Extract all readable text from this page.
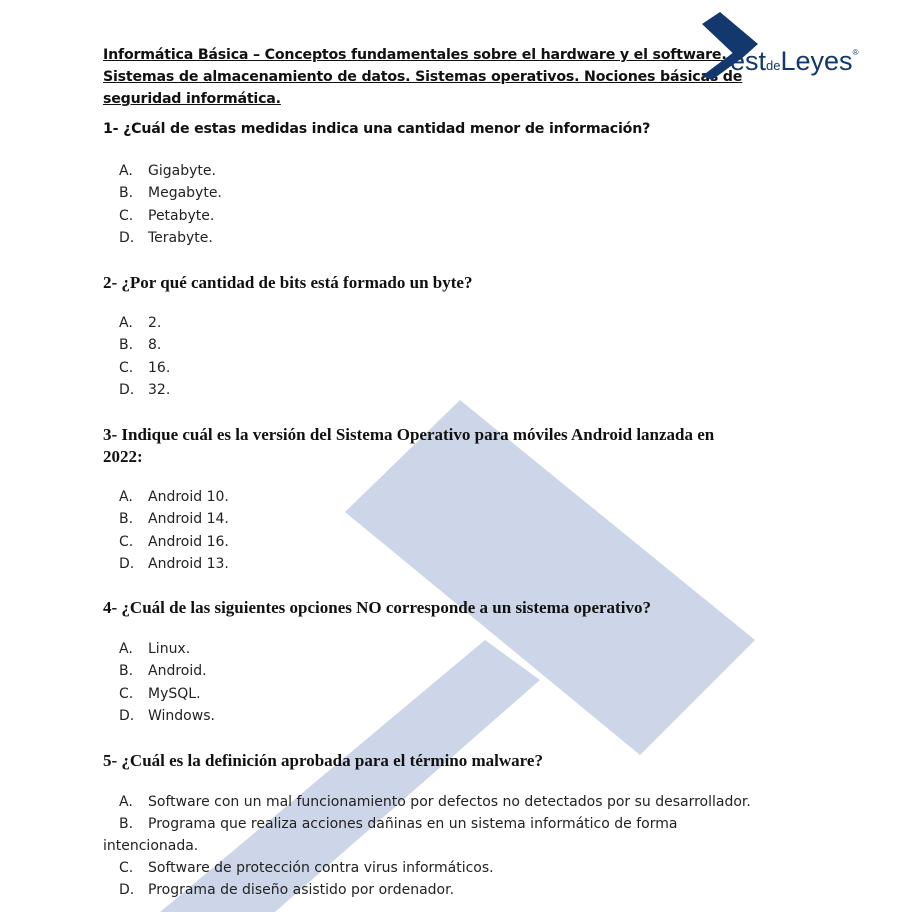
Informática Básica – Conceptos fundamentales sobre el hardware y el software. Sistemas de almacenamiento de datos. Sistemas operativos. Nociones básicas de seguridad informática.
1- ¿Cuál de estas medidas indica una cantidad menor de información?
A. Gigabyte.
B. Megabyte.
C. Petabyte.
D. Terabyte.
2- ¿Por qué cantidad de bits está formado un byte?
A. 2.
B. 8.
C. 16.
D. 32.
3- Indique cuál es la versión del Sistema Operativo para móviles Android lanzada en 2022:
A. Android 10.
B. Android 14.
C. Android 16.
D. Android 13.
4- ¿Cuál de las siguientes opciones NO corresponde a un sistema operativo?
A. Linux.
B. Android.
C. MySQL.
D. Windows.
5- ¿Cuál es la definición aprobada para el término malware?
A. Software con un mal funcionamiento por defectos no detectados por su desarrollador.
B. Programa que realiza acciones dañinas en un sistema informático de forma intencionada.
C. Software de protección contra virus informáticos.
D. Programa de diseño asistido por ordenador.
estdeLeyes®
